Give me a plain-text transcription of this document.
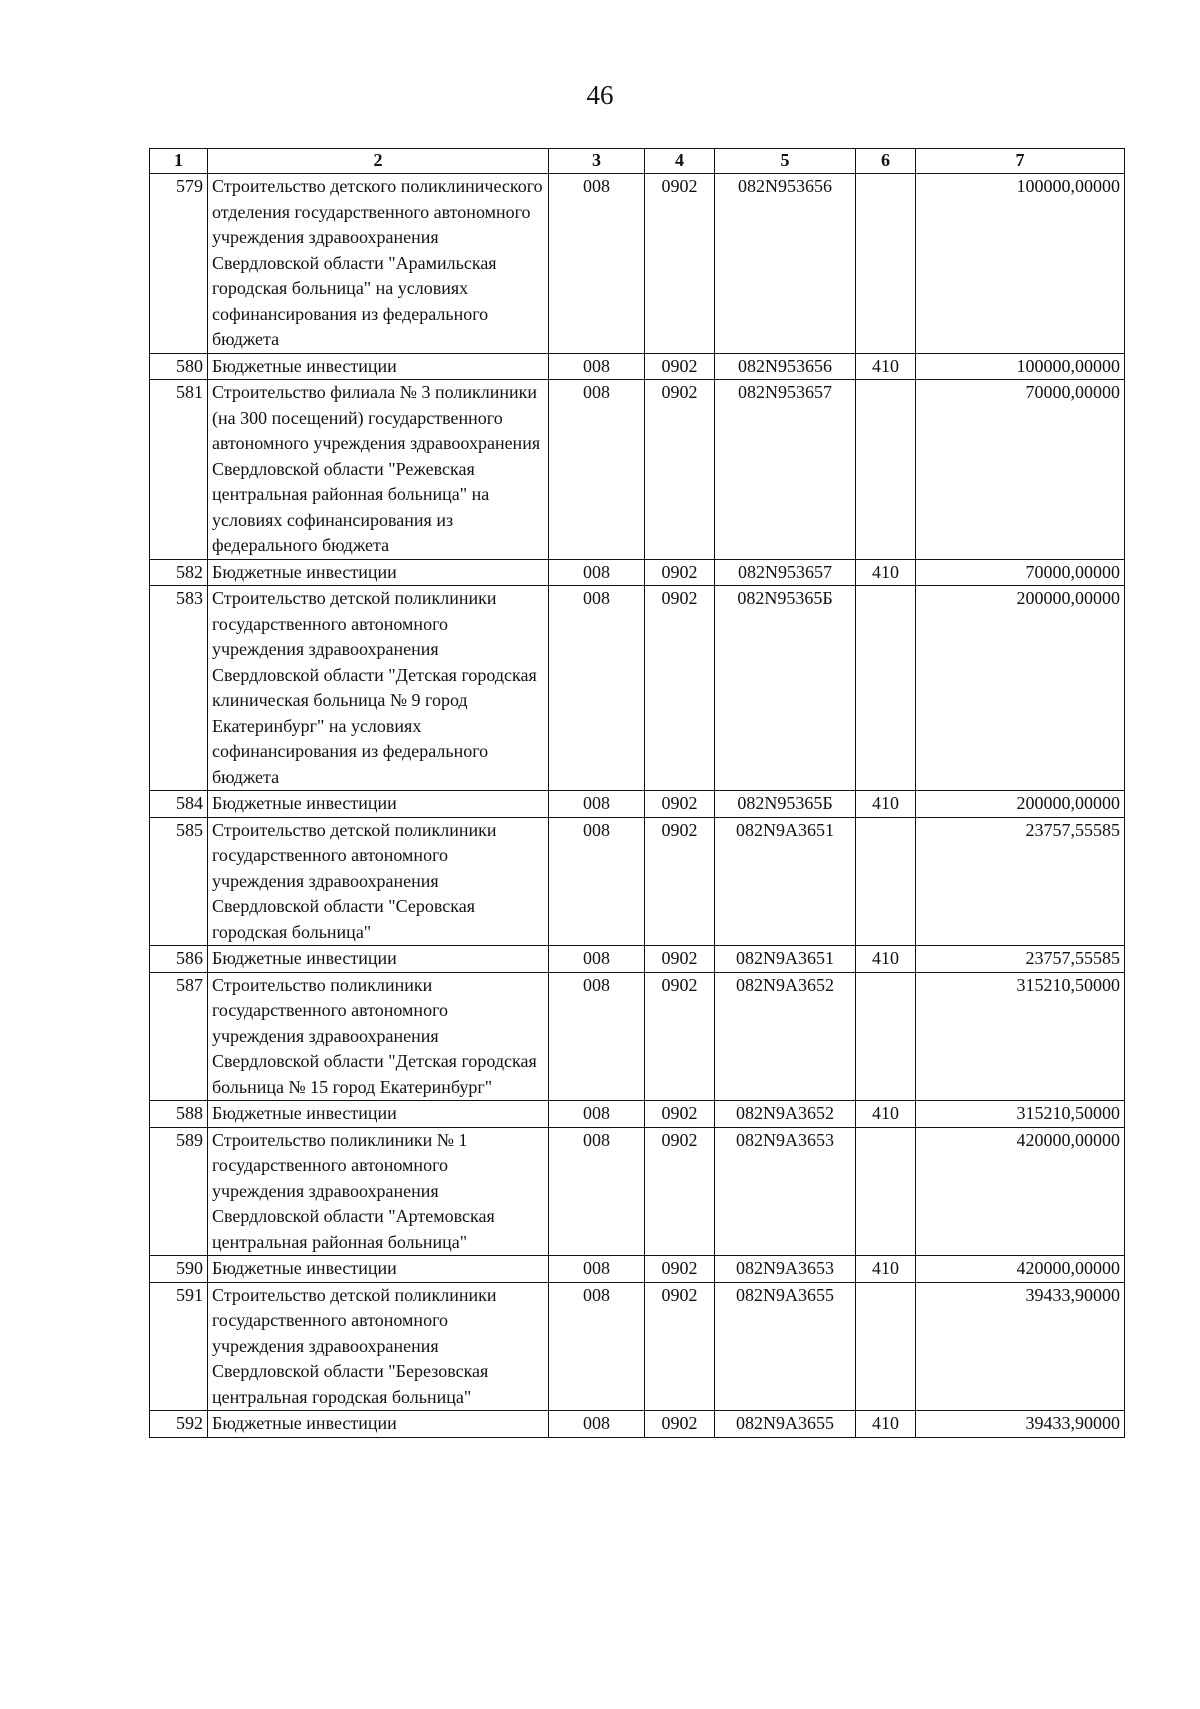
46
1	2	3	4	5	6	7
579	Строительство детского поликлинического отделения государственного автономного учреждения здравоохранения Свердловской области "Арамильская городская больница" на условиях софинансирования из федерального бюджета	008	0902	082N953656		100000,00000
580	Бюджетные инвестиции	008	0902	082N953656	410	100000,00000
581	Строительство филиала № 3 поликлиники (на 300 посещений) государственного автономного учреждения здравоохранения Свердловской области "Режевская центральная районная больница" на условиях софинансирования из федерального бюджета	008	0902	082N953657		70000,00000
582	Бюджетные инвестиции	008	0902	082N953657	410	70000,00000
583	Строительство детской поликлиники государственного автономного учреждения здравоохранения Свердловской области "Детская городская клиническая больница № 9 город Екатеринбург" на условиях софинансирования из федерального бюджета	008	0902	082N95365Б		200000,00000
584	Бюджетные инвестиции	008	0902	082N95365Б	410	200000,00000
585	Строительство детской поликлиники государственного автономного учреждения здравоохранения Свердловской области "Серовская городская больница"	008	0902	082N9A3651		23757,55585
586	Бюджетные инвестиции	008	0902	082N9A3651	410	23757,55585
587	Строительство поликлиники государственного автономного учреждения здравоохранения Свердловской области "Детская городская больница № 15 город Екатеринбург"	008	0902	082N9A3652		315210,50000
588	Бюджетные инвестиции	008	0902	082N9A3652	410	315210,50000
589	Строительство поликлиники № 1 государственного автономного учреждения здравоохранения Свердловской области "Артемовская центральная районная больница"	008	0902	082N9A3653		420000,00000
590	Бюджетные инвестиции	008	0902	082N9A3653	410	420000,00000
591	Строительство детской поликлиники государственного автономного учреждения здравоохранения Свердловской области "Березовская центральная городская больница"	008	0902	082N9A3655		39433,90000
592	Бюджетные инвестиции	008	0902	082N9A3655	410	39433,90000
